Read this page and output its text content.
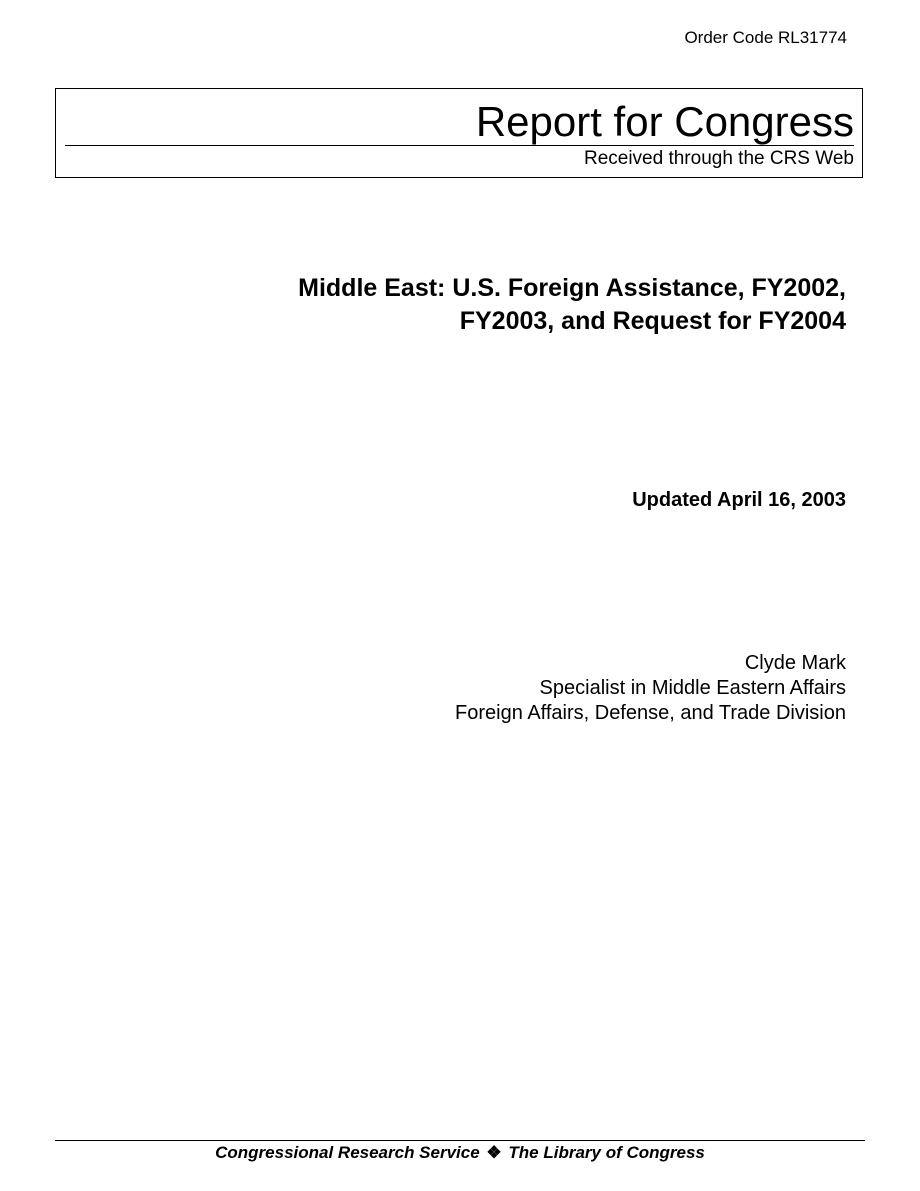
Order Code RL31774
Report for Congress
Received through the CRS Web
Middle East: U.S. Foreign Assistance, FY2002,
FY2003, and Request for FY2004
Updated April 16, 2003
Clyde Mark
Specialist in Middle Eastern Affairs
Foreign Affairs, Defense, and Trade Division
Congressional Research Service ❖ The Library of Congress
